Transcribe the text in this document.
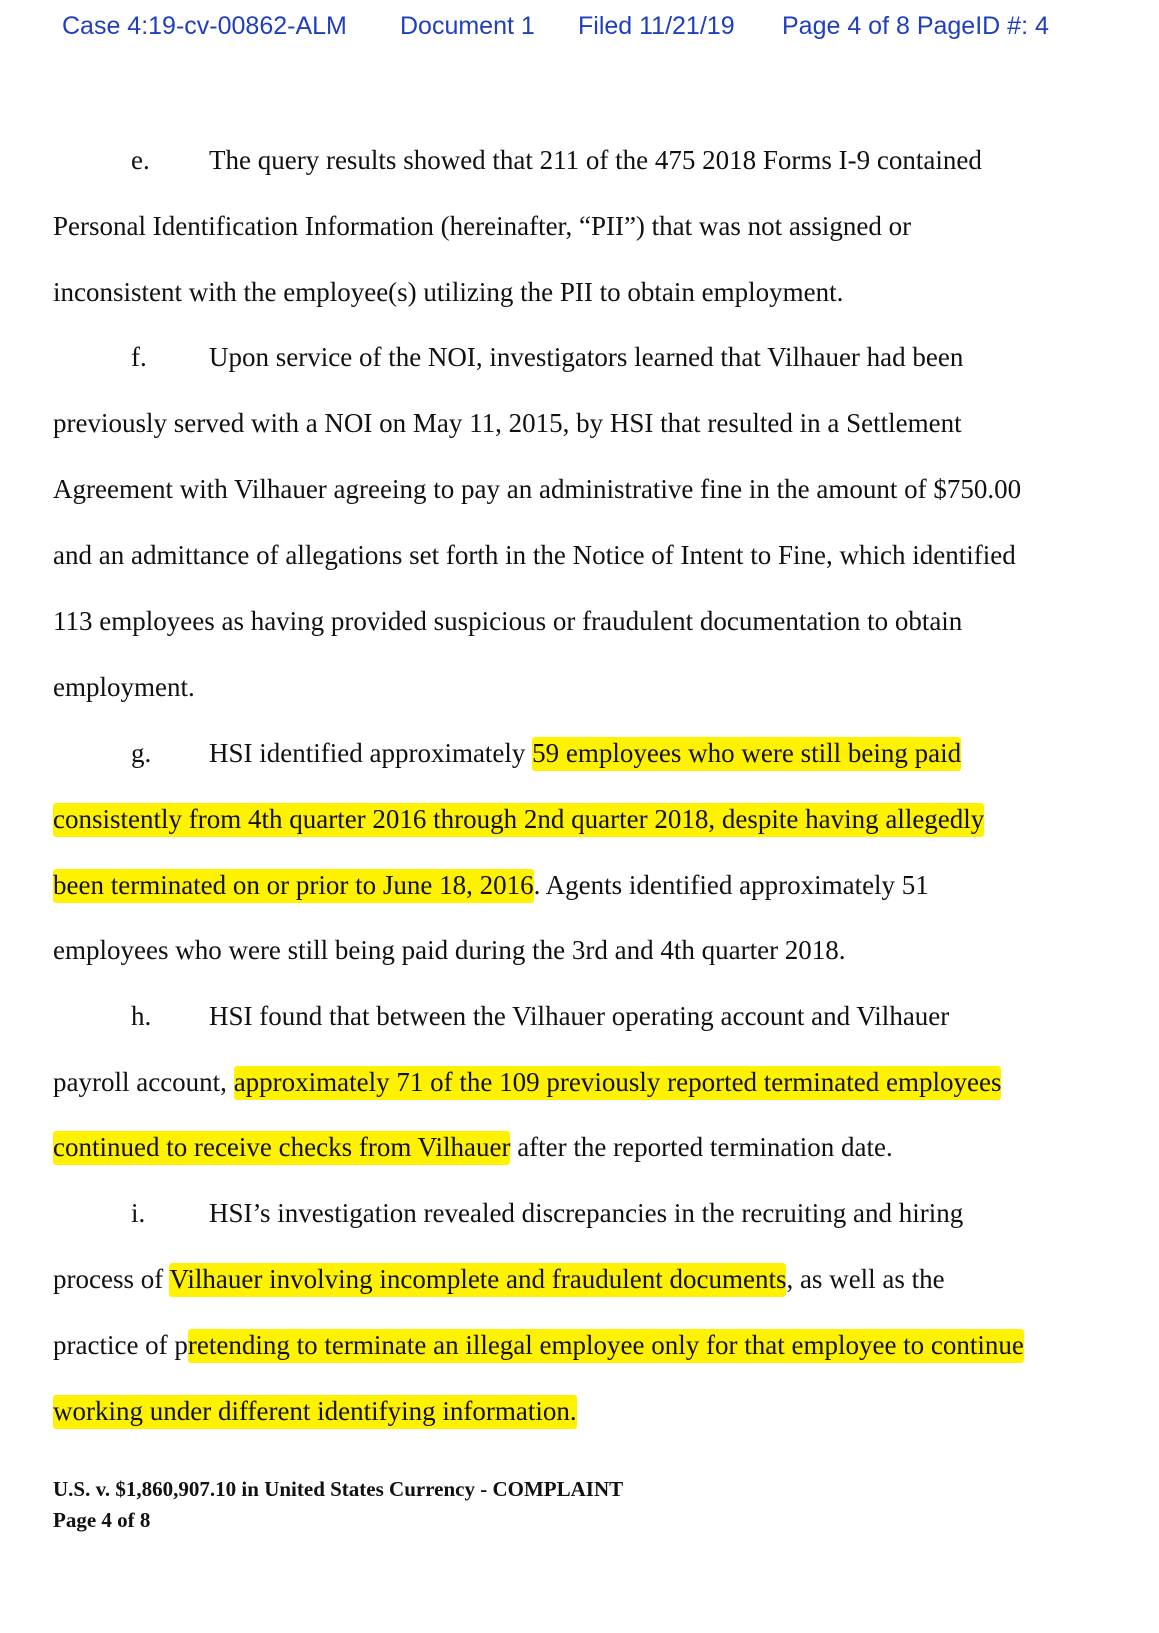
Case 4:19-cv-00862-ALM Document 1 Filed 11/21/19 Page 4 of 8 PageID #: 4
e. The query results showed that 211 of the 475 2018 Forms I-9 contained
Personal Identification Information (hereinafter, “PII”) that was not assigned or
inconsistent with the employee(s) utilizing the PII to obtain employment.
f. Upon service of the NOI, investigators learned that Vilhauer had been
previously served with a NOI on May 11, 2015, by HSI that resulted in a Settlement
Agreement with Vilhauer agreeing to pay an administrative fine in the amount of $750.00
and an admittance of allegations set forth in the Notice of Intent to Fine, which identified
113 employees as having provided suspicious or fraudulent documentation to obtain
employment.
g. HSI identified approximately 59 employees who were still being paid
consistently from 4th quarter 2016 through 2nd quarter 2018, despite having allegedly
been terminated on or prior to June 18, 2016. Agents identified approximately 51
employees who were still being paid during the 3rd and 4th quarter 2018.
h. HSI found that between the Vilhauer operating account and Vilhauer
payroll account, approximately 71 of the 109 previously reported terminated employees
continued to receive checks from Vilhauer after the reported termination date.
i. HSI’s investigation revealed discrepancies in the recruiting and hiring
process of Vilhauer involving incomplete and fraudulent documents, as well as the
practice of pretending to terminate an illegal employee only for that employee to continue
working under different identifying information.
U.S. v. $1,860,907.10 in United States Currency - COMPLAINT
Page 4 of 8
